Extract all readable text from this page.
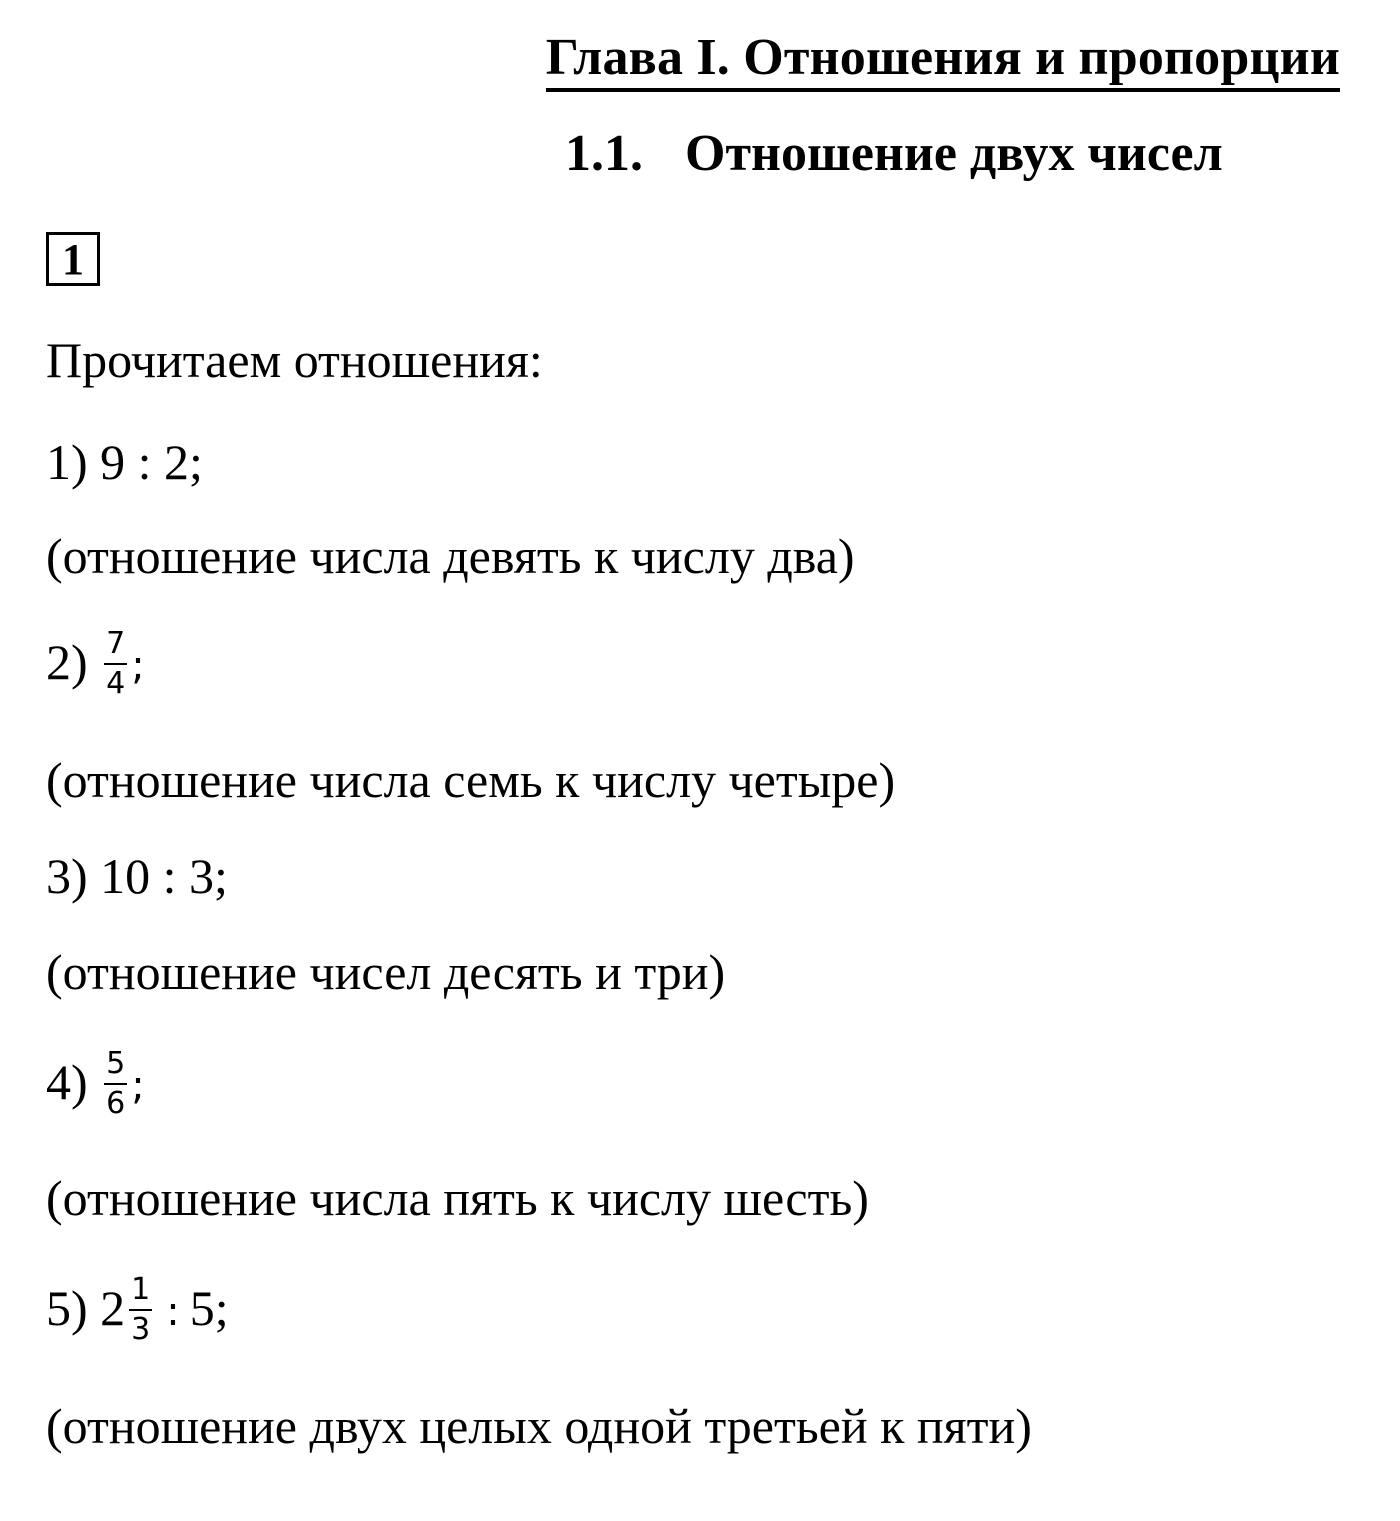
Глава I. Отношения и пропорции
1.1. Отношение двух чисел
1
Прочитаем отношения:
1) 9 : 2;
(отношение числа девять к числу два)
$2) \frac{7}{4}$ ;
(отношение числа семь к числу четыре)
3) 10 : 3;
(отношение чисел десять и три)
$4) \frac{5}{6}$ ;
(отношение числа пять к числу шесть)
5) $2 \frac{1}{3}$ : 5;
(отношение двух целых одной третьей к пяти)
